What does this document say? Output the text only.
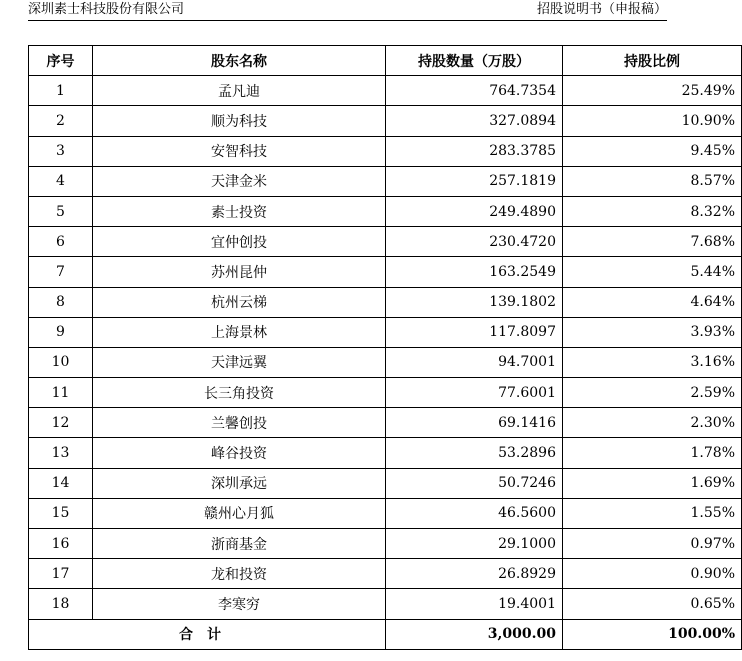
深圳素士科技股份有限公司	招股说明书（申报稿）
序号	股东名称	持股数量（万股）	持股比例
1	孟凡迪	764.7354	25.49%
2	顺为科技	327.0894	10.90%
3	安智科技	283.3785	9.45%
4	天津金米	257.1819	8.57%
5	素士投资	249.4890	8.32%
6	宜仲创投	230.4720	7.68%
7	苏州昆仲	163.2549	5.44%
8	杭州云梯	139.1802	4.64%
9	上海景林	117.8097	3.93%
10	天津远翼	94.7001	3.16%
11	长三角投资	77.6001	2.59%
12	兰馨创投	69.1416	2.30%
13	峰谷投资	53.2896	1.78%
14	深圳承远	50.7246	1.69%
15	赣州心月狐	46.5600	1.55%
16	浙商基金	29.1000	0.97%
17	龙和投资	26.8929	0.90%
18	李寒穷	19.4001	0.65%
合计		3,000.00	100.00%
